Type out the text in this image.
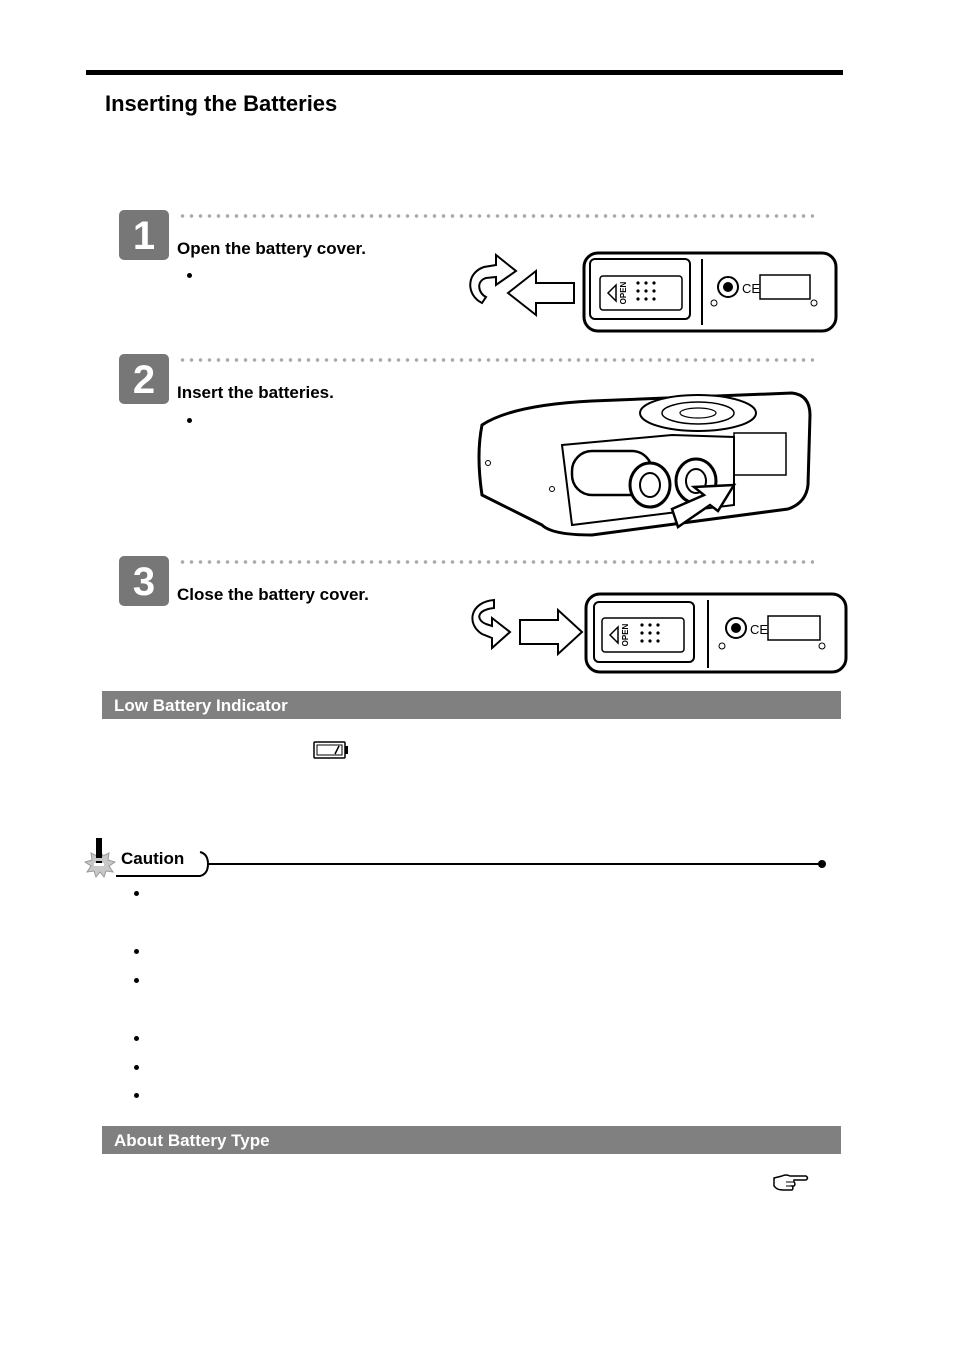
Inserting the Batteries
1	Open the battery cover.
OPEN	CE
2	Insert the batteries.
3	Close the battery cover.
OPEN	CE
Low Battery Indicator
Caution
About Battery Type
